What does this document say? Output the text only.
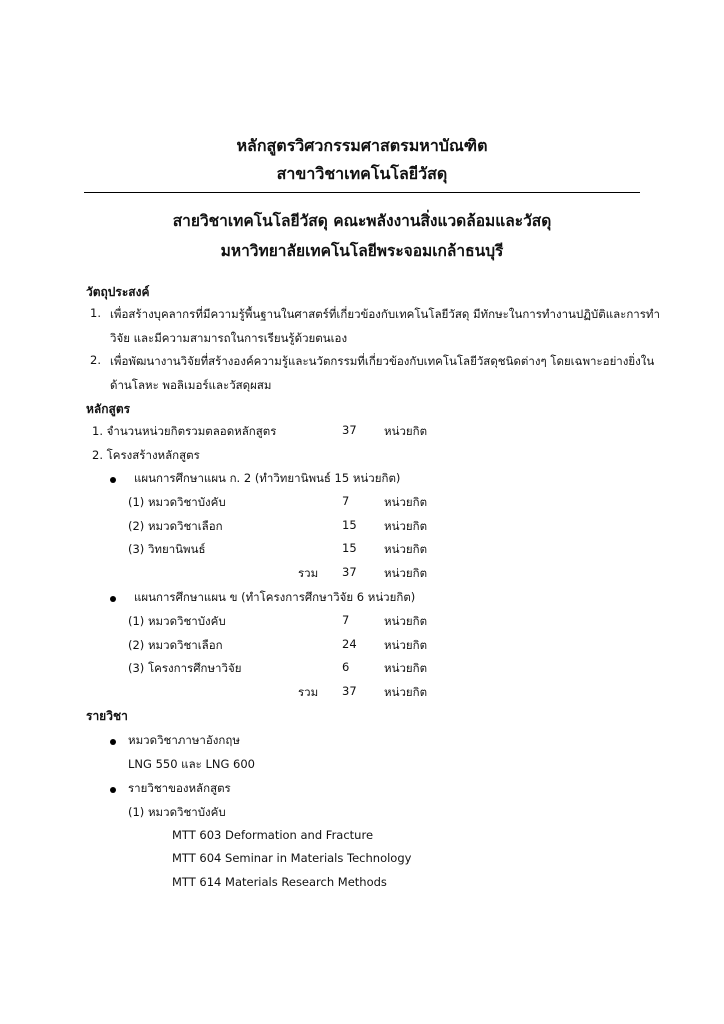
หลักสูตรวิศวกรรมศาสตรมหาบัณฑิต
สาขาวิชาเทคโนโลยีวัสดุ
สายวิชาเทคโนโลยีวัสดุ คณะพลังงานสิ่งแวดล้อมและวัสดุ
มหาวิทยาลัยเทคโนโลยีพระจอมเกล้าธนบุรี
วัตถุประสงค์
1. เพื่อสร้างบุคลากรที่มีความรู้พื้นฐานในศาสตร์ที่เกี่ยวข้องกับเทคโนโลยีวัสดุ มีทักษะในการทำงานปฏิบัติและการทำ
วิจัย และมีความสามารถในการเรียนรู้ด้วยตนเอง
2. เพื่อพัฒนางานวิจัยที่สร้างองค์ความรู้และนวัตกรรมที่เกี่ยวข้องกับเทคโนโลยีวัสดุชนิดต่างๆ โดยเฉพาะอย่างยิ่งใน
ด้านโลหะ พอลิเมอร์และวัสดุผสม
หลักสูตร
1. จำนวนหน่วยกิตรวมตลอดหลักสูตร	37 หน่วยกิต
2. โครงสร้างหลักสูตร
แผนการศึกษาแผน ก. 2 (ทำวิทยานิพนธ์ 15 หน่วยกิต)
(1) หมวดวิชาบังคับ	7	หน่วยกิต
(2) หมวดวิชาเลือก	15 หน่วยกิต
(3) วิทยานิพนธ์	15 หน่วยกิต
รวม 37 หน่วยกิต
แผนการศึกษาแผน ข (ทำโครงการศึกษาวิจัย 6 หน่วยกิต)
(1) หมวดวิชาบังคับ	7	หน่วยกิต
(2) หมวดวิชาเลือก	24 หน่วยกิต
(3) โครงการศึกษาวิจัย	6	หน่วยกิต
รวม 37 หน่วยกิต
รายวิชา
หมวดวิชาภาษาอังกฤษ
LNG 550 และ LNG 600
รายวิชาของหลักสูตร
(1) หมวดวิชาบังคับ
MTT 603 Deformation and Fracture
MTT 604 Seminar in Materials Technology
MTT 614 Materials Research Methods
